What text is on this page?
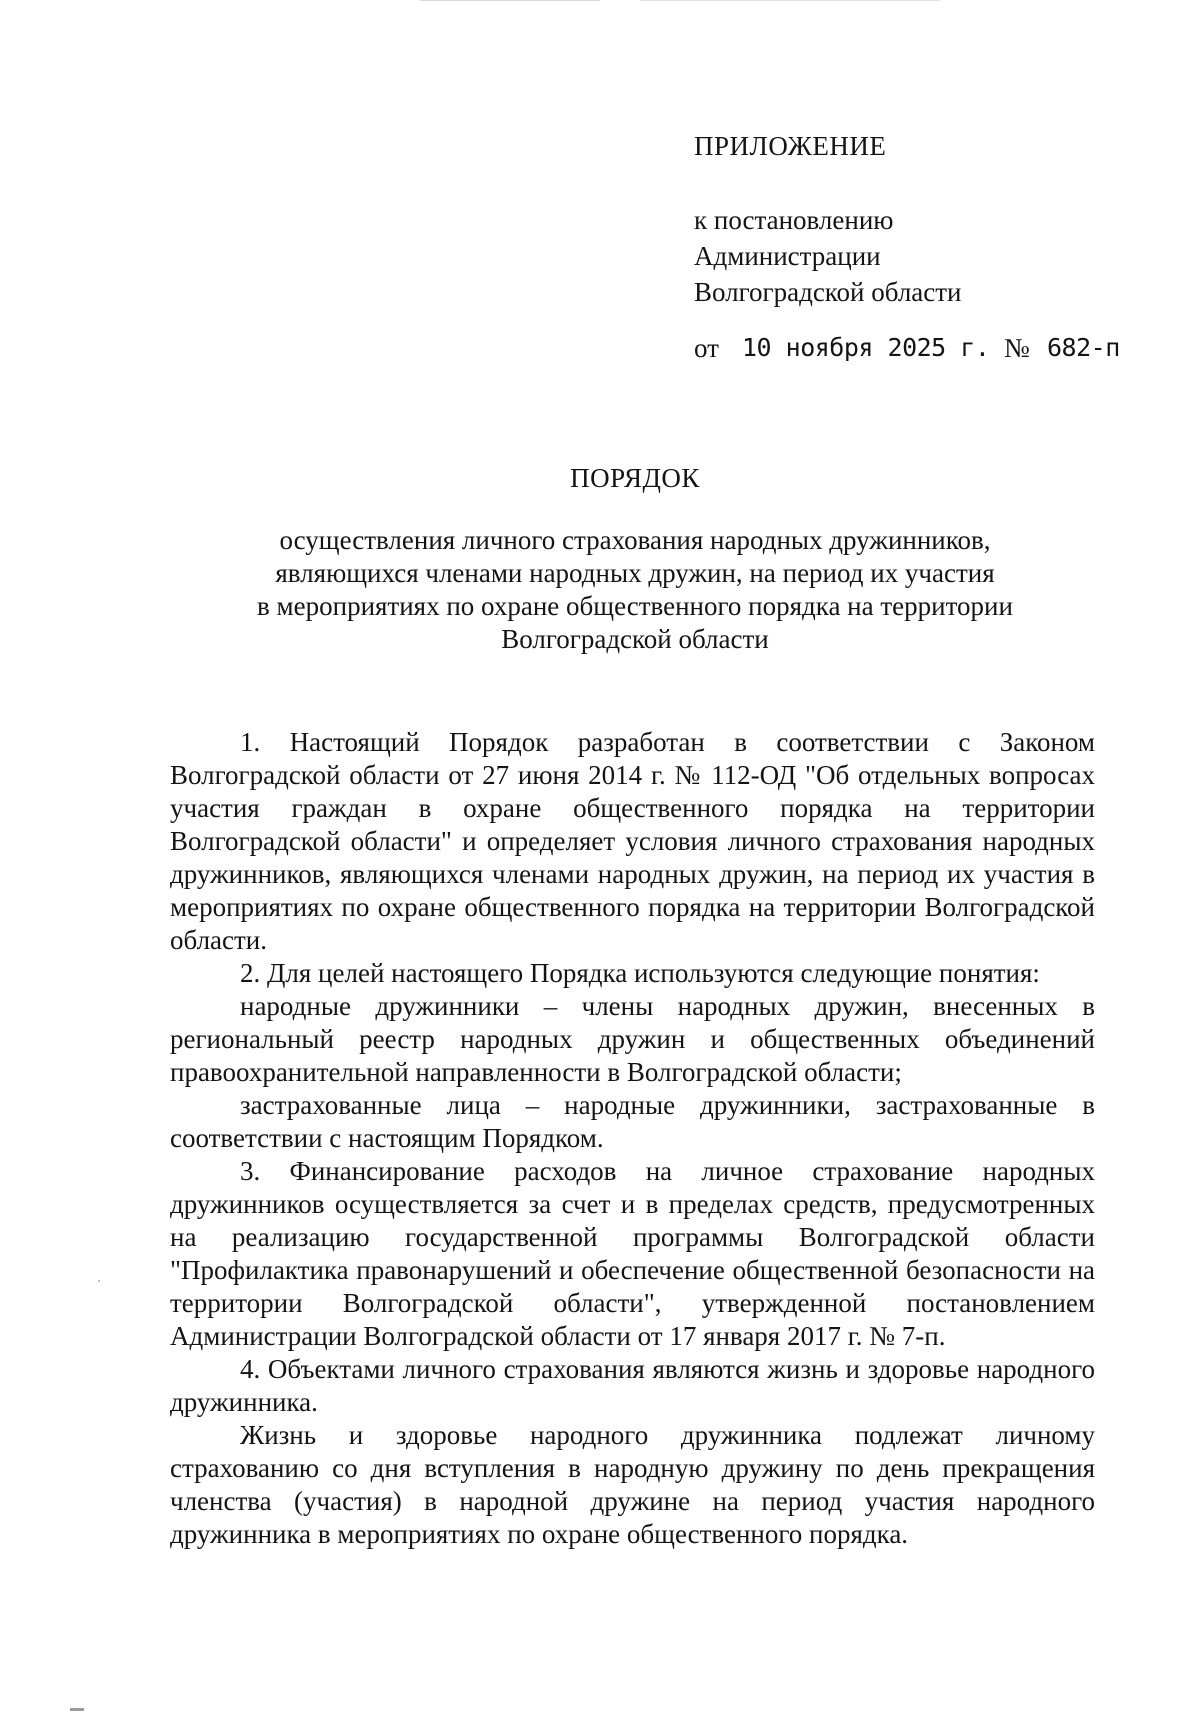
ПРИЛОЖЕНИЕ
к постановлению
Администрации
Волгоградской области
от 10 ноября 2025 г. № 682-п
ПОРЯДОК
осуществления личного страхования народных дружинников,
являющихся членами народных дружин, на период их участия
в мероприятиях по охране общественного порядка на территории
Волгоградской области

1. Настоящий Порядок разработан в соответствии с Законом Волгоградской области от 27 июня 2014 г. № 112-ОД "Об отдельных вопросах участия граждан в охране общественного порядка на территории Волгоградской области" и определяет условия личного страхования народных дружинников, являющихся членами народных дружин, на период их участия в мероприятиях по охране общественного порядка на территории Волгоградской области.

2. Для целей настоящего Порядка используются следующие понятия:

народные дружинники – члены народных дружин, внесенных в региональный реестр народных дружин и общественных объединений правоохранительной направленности в Волгоградской области;

застрахованные лица – народные дружинники, застрахованные в соответствии с настоящим Порядком.

3. Финансирование расходов на личное страхование народных дружинников осуществляется за счет и в пределах средств, предусмотренных на реализацию государственной программы Волгоградской области "Профилактика правонарушений и обеспечение общественной безопасности на территории Волгоградской области", утвержденной постановлением Администрации Волгоградской области от 17 января 2017 г. № 7-п.

4. Объектами личного страхования являются жизнь и здоровье народного дружинника.

Жизнь и здоровье народного дружинника подлежат личному страхованию со дня вступления в народную дружину по день прекращения членства (участия) в народной дружине на период участия народного дружинника в мероприятиях по охране общественного порядка.
